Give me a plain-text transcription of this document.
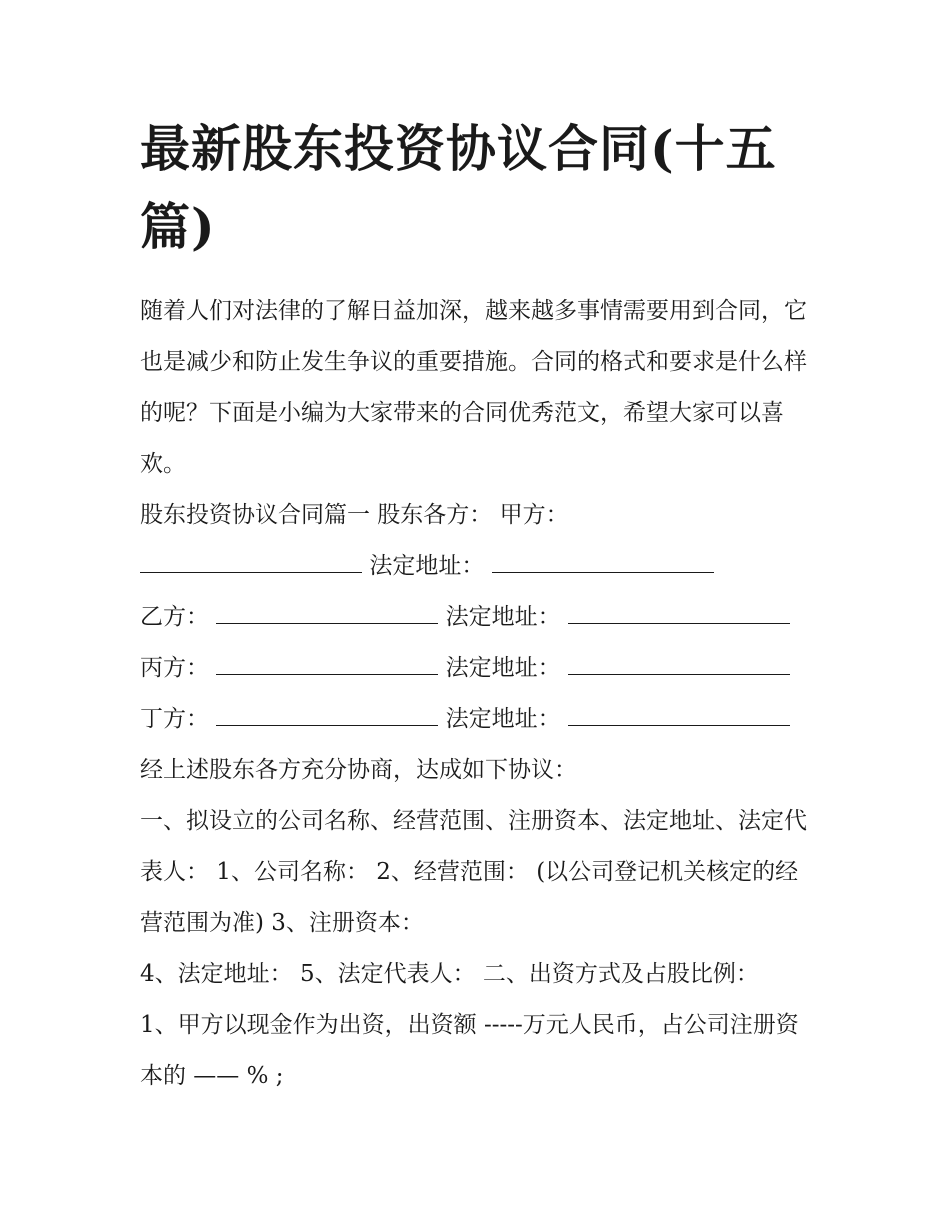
最新股东投资协议合同(十五篇)

随着人们对法律的了解日益加深，越来越多事情需要用到合同，它也是减少和防止发生争议的重要措施。合同的格式和要求是什么样的呢？下面是小编为大家带来的合同优秀范文，希望大家可以喜欢。

股东投资协议合同篇一 股东各方： 甲方：

法定地址：

乙方：	法定地址：

丙方：	法定地址：

丁方：	法定地址：

经上述股东各方充分协商，达成如下协议：

一、拟设立的公司名称、经营范围、注册资本、法定地址、法定代表人： 1、公司名称： 2、经营范围： (以公司登记机关核定的经营范围为准) 3、注册资本：

4、法定地址： 5、法定代表人： 二、出资方式及占股比例：

1、甲方以现金作为出资，出资额 -----万元人民币，占公司注册资本的 —— % ;
